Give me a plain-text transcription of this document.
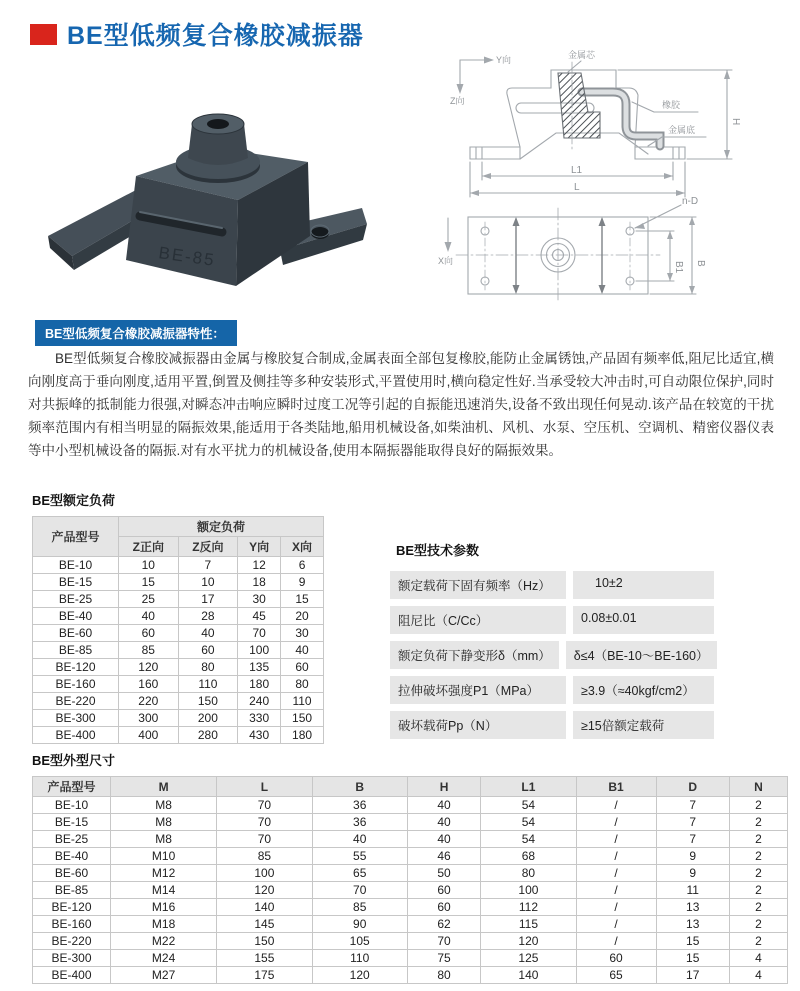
BE型低频复合橡胶减振器
BE-85
Y向
Z向
金属芯
橡胶
金属底
H
L1
L
X向	B1 B
n-D
BE型低频复合橡胶减振器特性：
BE型低频复合橡胶减振器由金属与橡胶复合制成,金属表面全部包复橡胶,能防止金属锈蚀,产品固有频率低,阻尼比适宜,横向刚度高于垂向刚度,适用平置,倒置及侧挂等多种安装形式,平置使用时,横向稳定性好.当承受较大冲击时,可自动限位保护,同时对共振峰的抵制能力很强,对瞬态冲击响应瞬时过度工况等引起的自振能迅速消失,设备不致出现任何晃动.该产品在较宽的干扰频率范围内有相当明显的隔振效果,能适用于各类陆地,船用机械设备,如柴油机、风机、水泵、空压机、空调机、精密仪器仪表等中小型机械设备的隔振.对有水平扰力的机械设备,使用本隔振器能取得良好的隔振效果。
BE型额定负荷
产品型号	额定负荷			
	Z正向	Z反向	Y向	X向
BE-10	10	7	12	6
BE-15	15	10	18	9
BE-25	25	17	30	15
BE-40	40	28	45	20
BE-60	60	40	70	30
BE-85	85	60	100	40
BE-120	120	80	135	60
BE-160	160	110	180	80
BE-220	220	150	240	110
BE-300	300	200	330	150
BE-400	400	280	430	180
BE型技术参数
额定载荷下固有频率（Hz）	10±2
阻尼比（C/Cc）	0.08±0.01
额定负荷下静变形δ（mm）	δ≤4（BE-10～BE-160）
拉伸破坏强度P1（MPa）	≥3.9（≈40kgf/cm2）
破坏载荷Pp（N）	≥15倍额定载荷
BE型外型尺寸
产品型号	M	L	B	H	L1	B1	D	N
BE-10	M8	70	36	40	54	/	7	2
BE-15	M8	70	36	40	54	/	7	2
BE-25	M8	70	40	40	54	/	7	2
BE-40	M10	85	55	46	68	/	9	2
BE-60	M12	100	65	50	80	/	9	2
BE-85	M14	120	70	60	100	/	11	2
BE-120	M16	140	85	60	112	/	13	2
BE-160	M18	145	90	62	115	/	13	2
BE-220	M22	150	105	70	120	/	15	2
BE-300	M24	155	110	75	125	60	15	4
BE-400	M27	175	120	80	140	65	17	4
